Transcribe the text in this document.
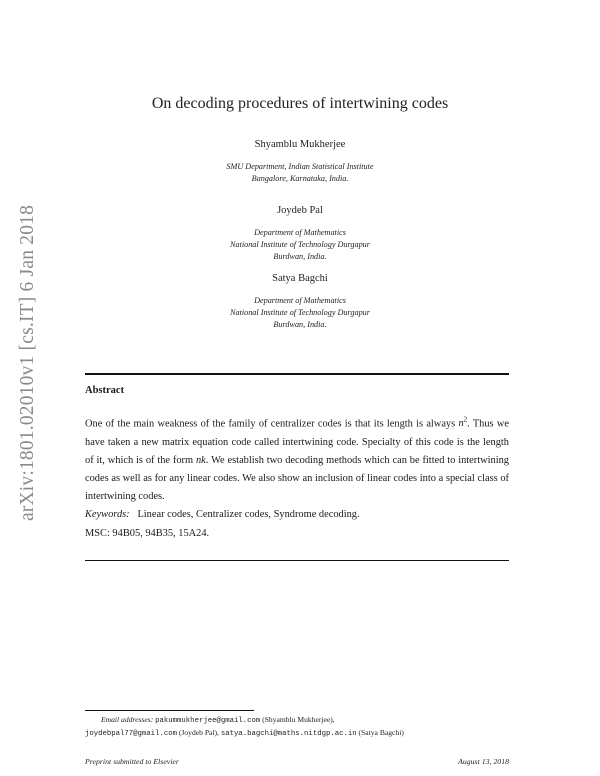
arXiv:1801.02010v1 [cs.IT] 6 Jan 2018
On decoding procedures of intertwining codes
Shyamblu Mukherjee
SMU Department, Indian Statistical Institute
Bangalore, Karnataka, India.
Joydeb Pal
Department of Mathematics
National Institute of Technology Durgapur
Burdwan, India.
Satya Bagchi
Department of Mathematics
National Institute of Technology Durgapur
Burdwan, India.
Abstract

One of the main weakness of the family of centralizer codes is that its length is always $n^2$. Thus we have taken a new matrix equation code called intertwining code. Specialty of this code is the length of it, which is of the form nk. We establish two decoding methods which can be fitted to intertwining codes as well as for any linear codes. We also show an inclusion of linear codes into a special class of intertwining codes.

Keywords: Linear codes, Centralizer codes, Syndrome decoding.

MSC: 94B05, 94B35, 15A24.

Email addresses: pakummukherjee@gmail.com (Shyamblu Mukherjee),
joydebpal77@gmail.com (Joydeb Pal), satya.bagchi@maths.nitdgp.ac.in (Satya Bagchi)
Preprint submitted to Elsevier	August 13, 2018
